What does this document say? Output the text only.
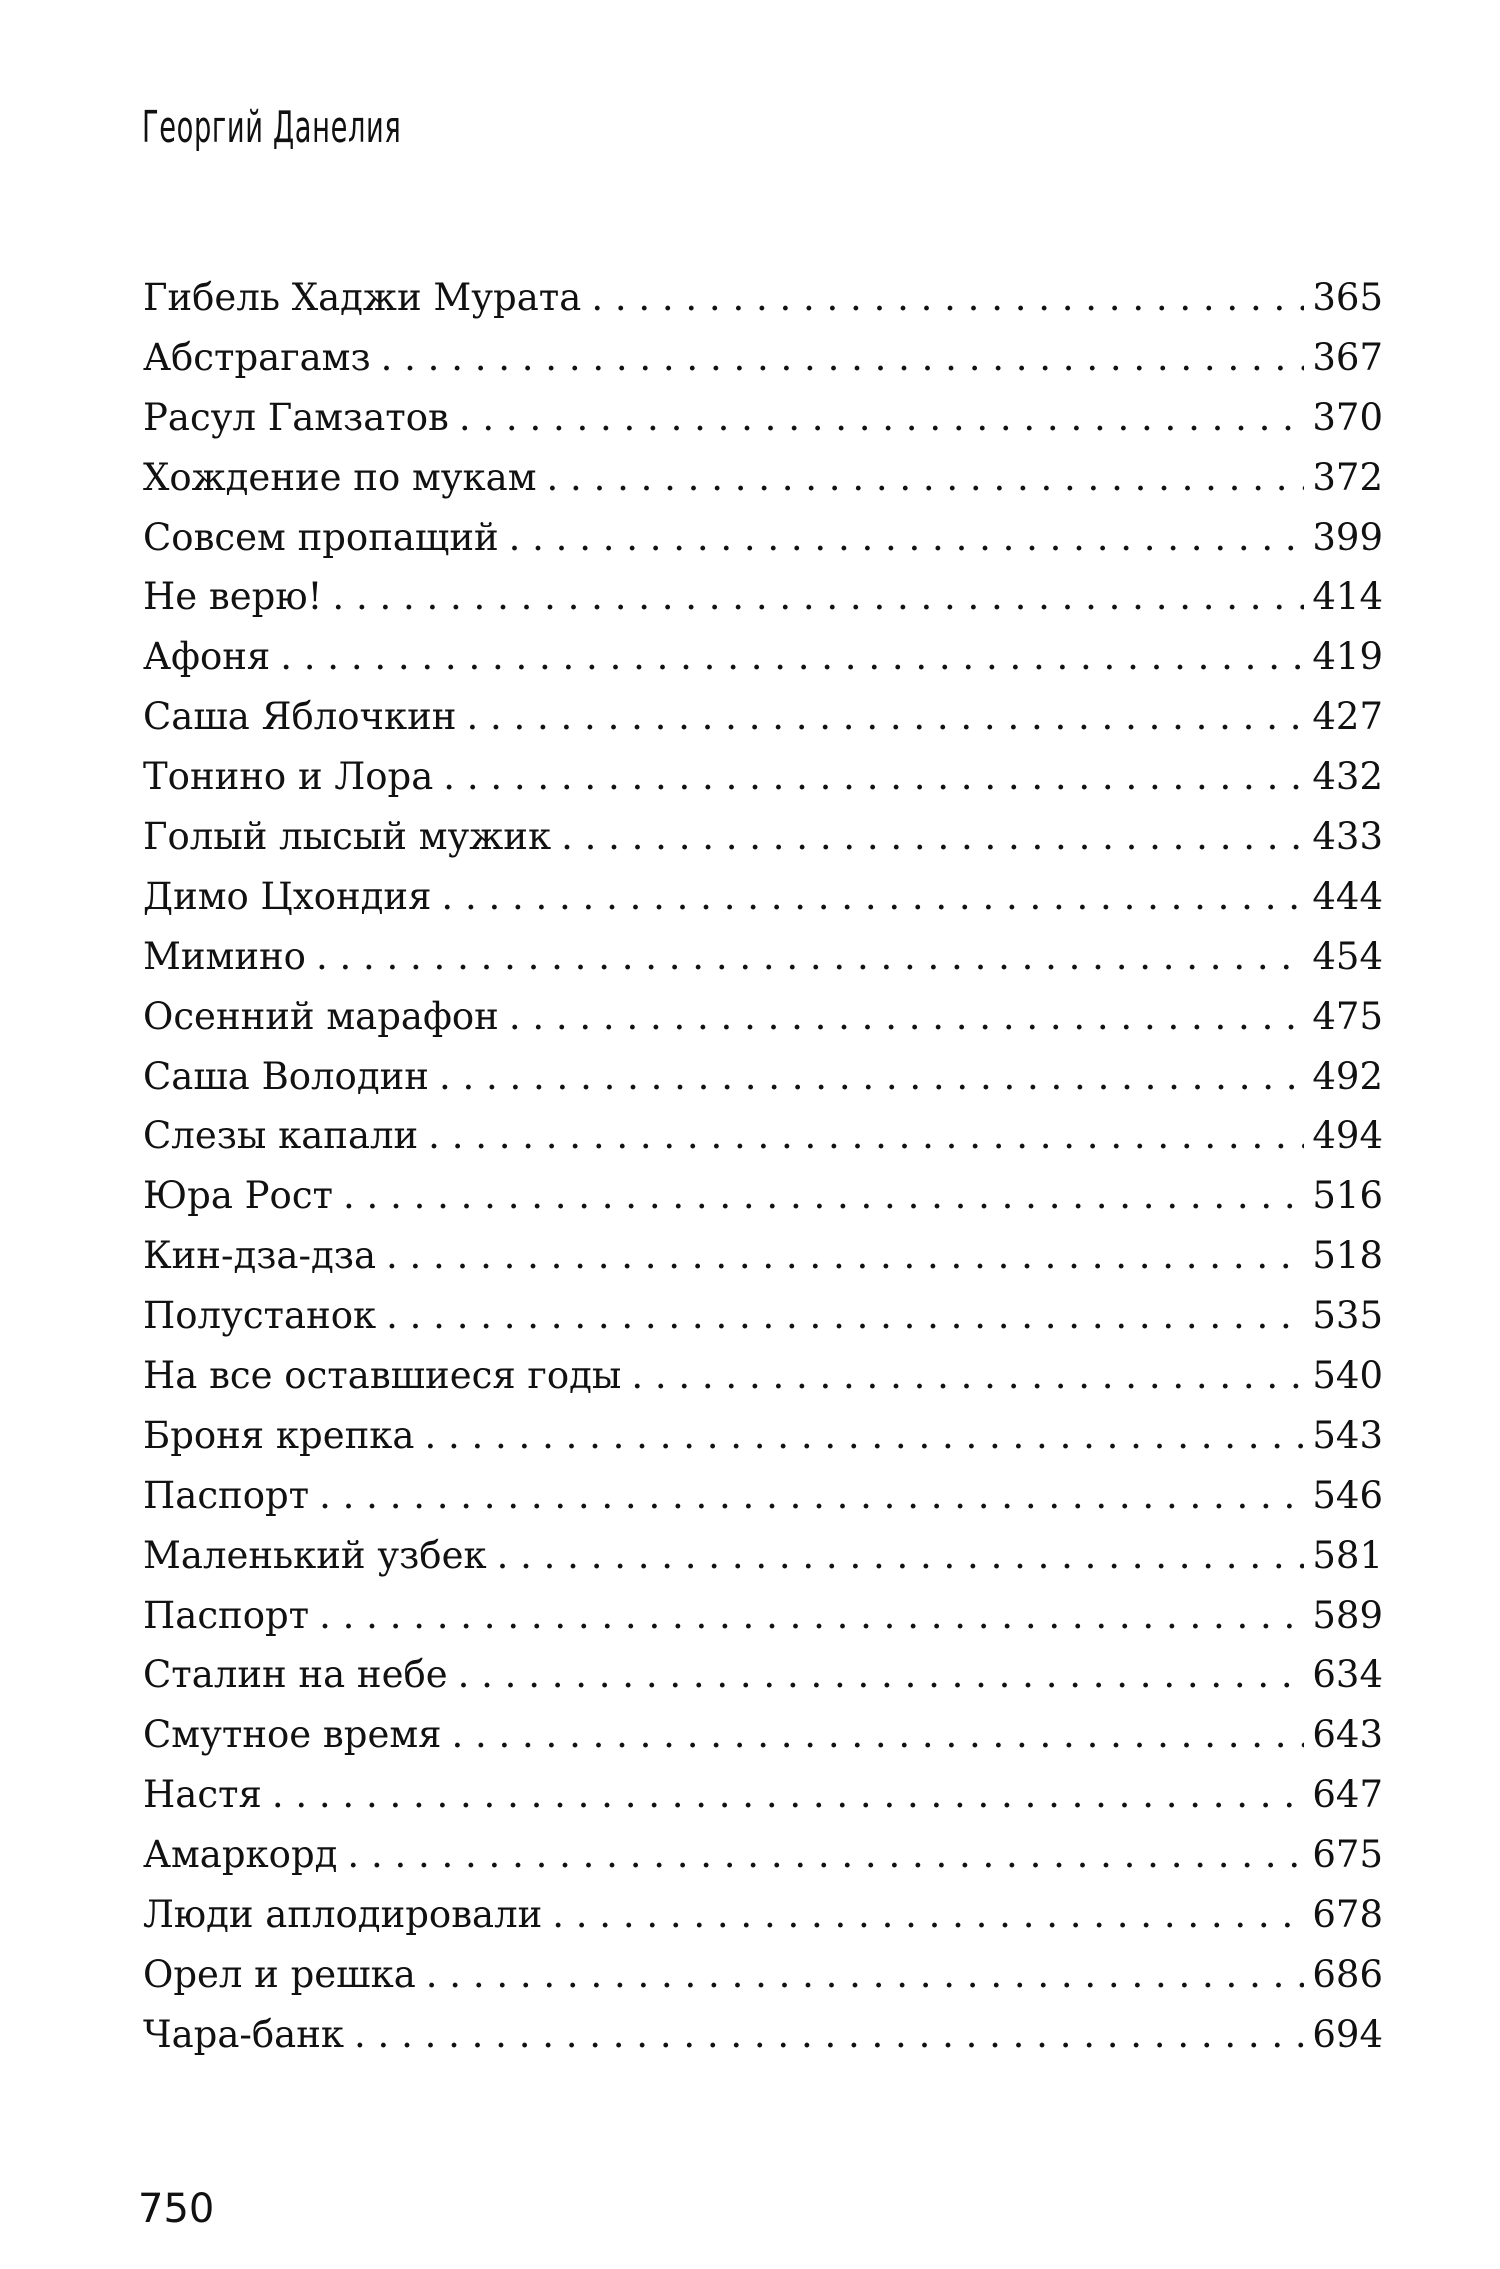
Георгий Данелия
Гибель Хаджи Мурата . . .	365
Абстрагамз . . .	367
Расул Гамзатов . . .	370
Хождение по мукам . . .	372
Совсем пропащий . . .	399
Не верю! . . .	414
Афоня . . .	419
Саша Яблочкин . . .	427
Тонино и Лора . . .	432
Голый лысый мужик . . .	433
Димо Цхондия . . .	444
Мимино . . .	454
Осенний марафон . . .	475
Саша Володин . . .	492
Слезы капали . . .	494
Юра Рост . . .	516
Кин-дза-дза . . .	518
Полустанок . . .	535
На все оставшиеся годы . . .	540
Броня крепка . . .	543
Паспорт . . .	546
Маленький узбек . . .	581
Паспорт . . .	589
Сталин на небе . . .	634
Смутное время . . .	643
Настя . . .	647
Амаркорд . . .	675
Люди аплодировали . . .	678
Орел и решка . . .	686
Чара-банк . . .	694
750
